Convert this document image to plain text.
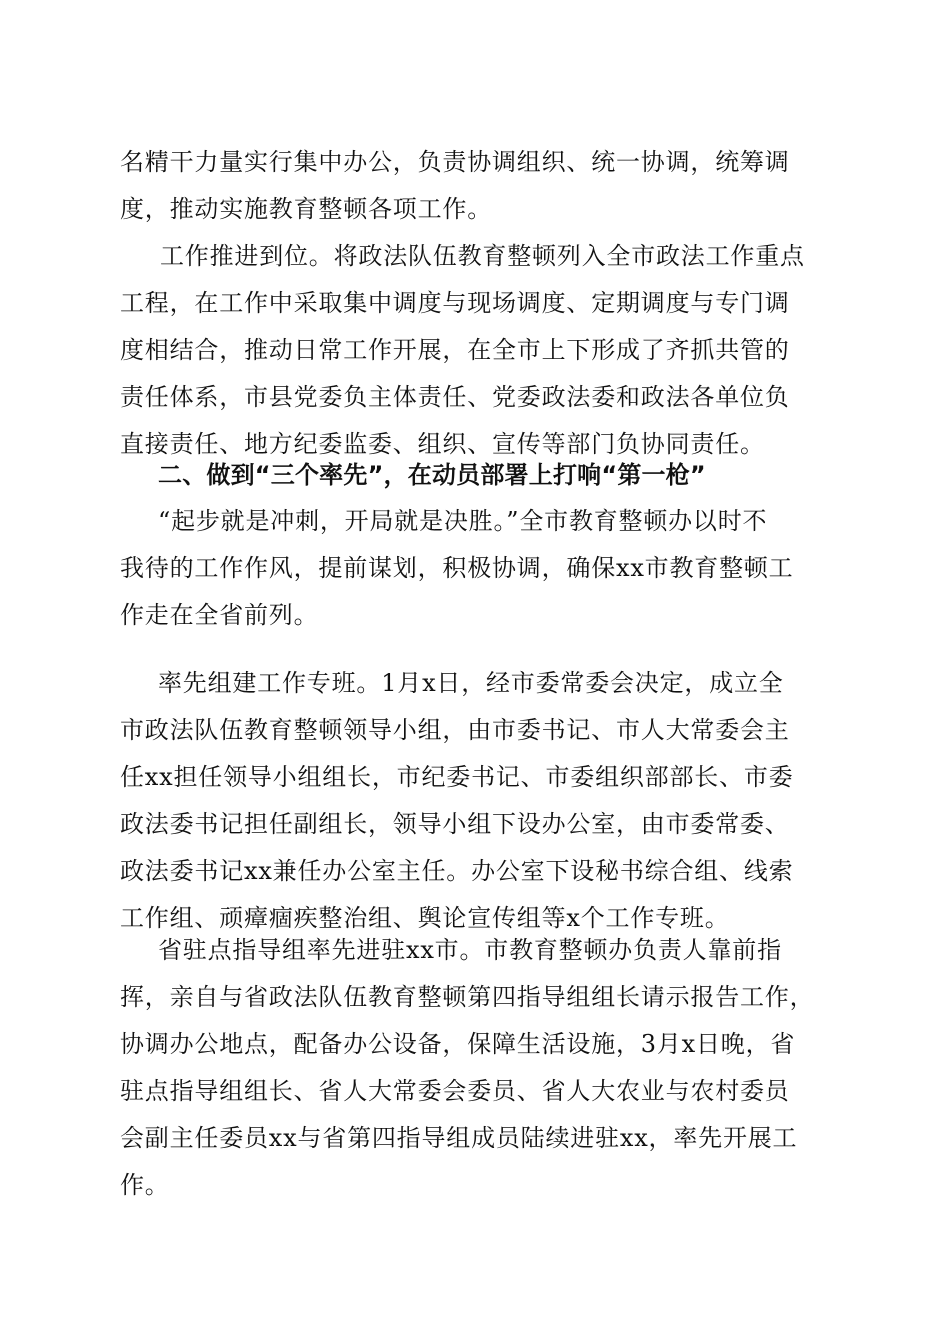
名精干力量实行集中办公，负责协调组织、统一协调，统筹调
度，推动实施教育整顿各项工作。
工作推进到位。将政法队伍教育整顿列入全市政法工作重点
工程，在工作中采取集中调度与现场调度、定期调度与专门调
度相结合，推动日常工作开展，在全市上下形成了齐抓共管的
责任体系，市县党委负主体责任、党委政法委和政法各单位负
直接责任、地方纪委监委、组织、宣传等部门负协同责任。
二、做到“三个率先”，在动员部署上打响“第一枪”
“起步就是冲刺，开局就是决胜。”全市教育整顿办以时不
我待的工作作风，提前谋划，积极协调，确保xx市教育整顿工
作走在全省前列。
率先组建工作专班。1月x日，经市委常委会决定，成立全
市政法队伍教育整顿领导小组，由市委书记、市人大常委会主
任xx担任领导小组组长，市纪委书记、市委组织部部长、市委
政法委书记担任副组长，领导小组下设办公室，由市委常委、
政法委书记xx兼任办公室主任。办公室下设秘书综合组、线索
工作组、顽瘴痼疾整治组、舆论宣传组等x个工作专班。
省驻点指导组率先进驻xx市。市教育整顿办负责人靠前指
挥，亲自与省政法队伍教育整顿第四指导组组长请示报告工作，
协调办公地点，配备办公设备，保障生活设施，3月x日晚，省
驻点指导组组长、省人大常委会委员、省人大农业与农村委员
会副主任委员xx与省第四指导组成员陆续进驻xx，率先开展工
作。
